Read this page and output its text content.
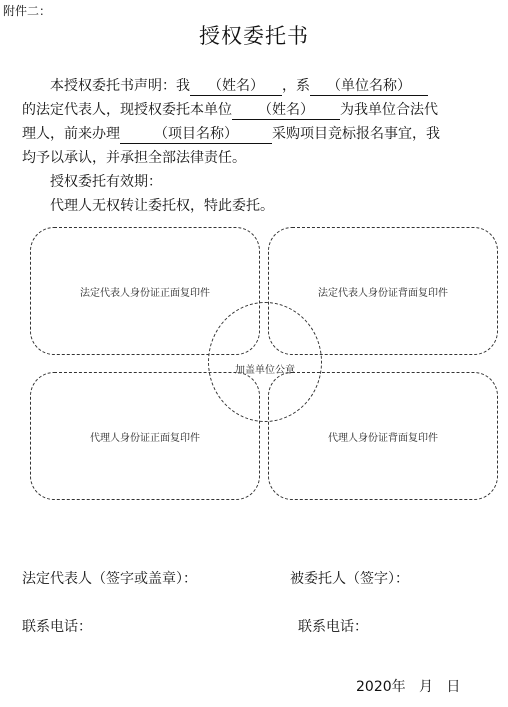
附件二：
授权委托书
本授权委托书声明：我 （姓名） ，系 （单位名称）
的法定代表人，现授权委托本单位 （姓名） 为我单位合法代
理人，前来办理 （项目名称） 采购项目竞标报名事宜，我
均予以承认，并承担全部法律责任。
授权委托有效期：
代理人无权转让委托权，特此委托。
法定代表人身份证正面复印件	法定代表人身份证背面复印件
代理人身份证正面复印件	代理人身份证背面复印件
加盖单位公章
法定代表人（签字或盖章）：	被委托人（签字）：
联系电话：	联系电话：
2020年   月   日
